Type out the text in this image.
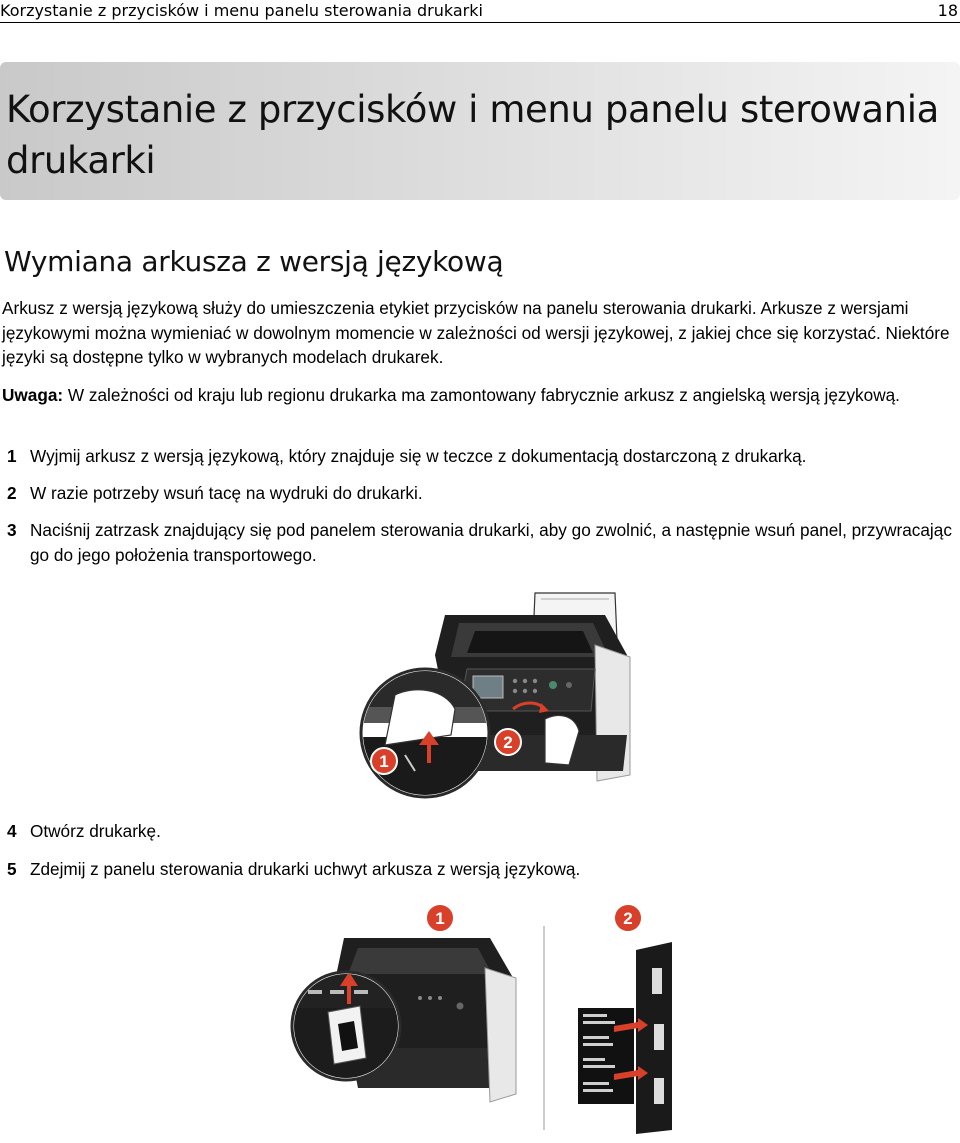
Korzystanie z przycisków i menu panelu sterowania drukarki	18
Korzystanie z przycisków i menu panelu sterowania drukarki
Wymiana arkusza z wersją językową

Arkusz z wersją językową służy do umieszczenia etykiet przycisków na panelu sterowania drukarki. Arkusze z wersjami językowymi można wymieniać w dowolnym momencie w zależności od wersji językowej, z jakiej chce się korzystać. Niektóre języki są dostępne tylko w wybranych modelach drukarek.

Uwaga: W zależności od kraju lub regionu drukarka ma zamontowany fabrycznie arkusz z angielską wersją językową.

1 Wyjmij arkusz z wersją językową, który znajduje się w teczce z dokumentacją dostarczoną z drukarką.
2 W razie potrzeby wsuń tacę na wydruki do drukarki.
3 Naciśnij zatrzask znajdujący się pod panelem sterowania drukarki, aby go zwolnić, a następnie wsuń panel, przywracając go do jego położenia transportowego.
1
2
4 Otwórz drukarkę.
5 Zdejmij z panelu sterowania drukarki uchwyt arkusza z wersją językową.
1	2
